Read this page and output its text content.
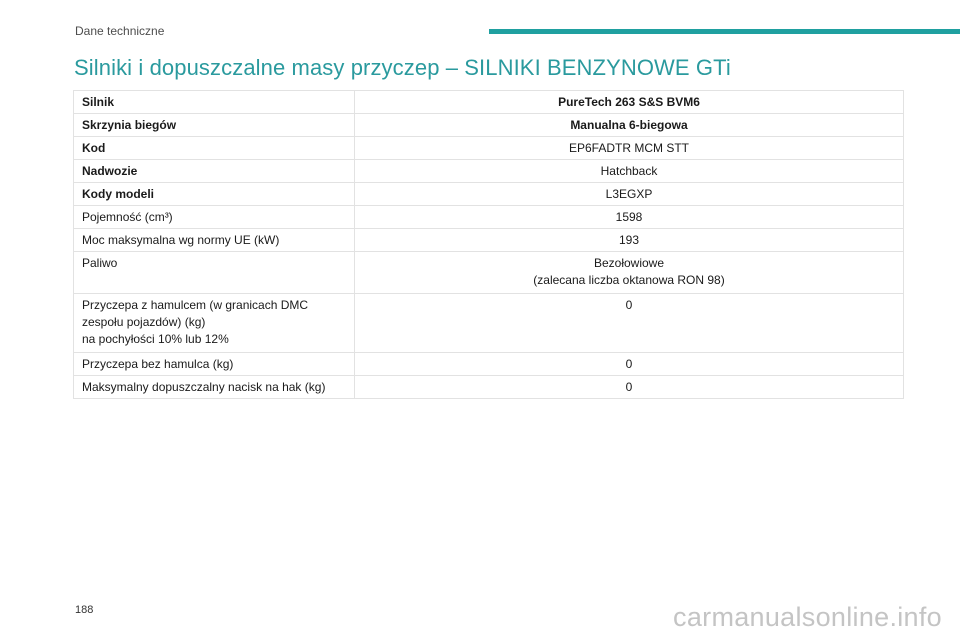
Dane techniczne
Silniki i dopuszczalne masy przyczep – SILNIKI BENZYNOWE GTi
Silnik	PureTech 263 S&S BVM6
Skrzynia biegów	Manualna 6-biegowa
Kod	EP6FADTR MCM STT
Nadwozie	Hatchback
Kody modeli	L3EGXP
Pojemność (cm³)	1598
Moc maksymalna wg normy UE (kW)	193
Paliwo	Bezołowiowe
(zalecana liczba oktanowa RON 98)
Przyczepa z hamulcem (w granicach DMC
zespołu pojazdów) (kg)
na pochyłości 10% lub 12%	0
Przyczepa bez hamulca (kg)	0
Maksymalny dopuszczalny nacisk na hak (kg)	0
188	carmanualsonline.info
